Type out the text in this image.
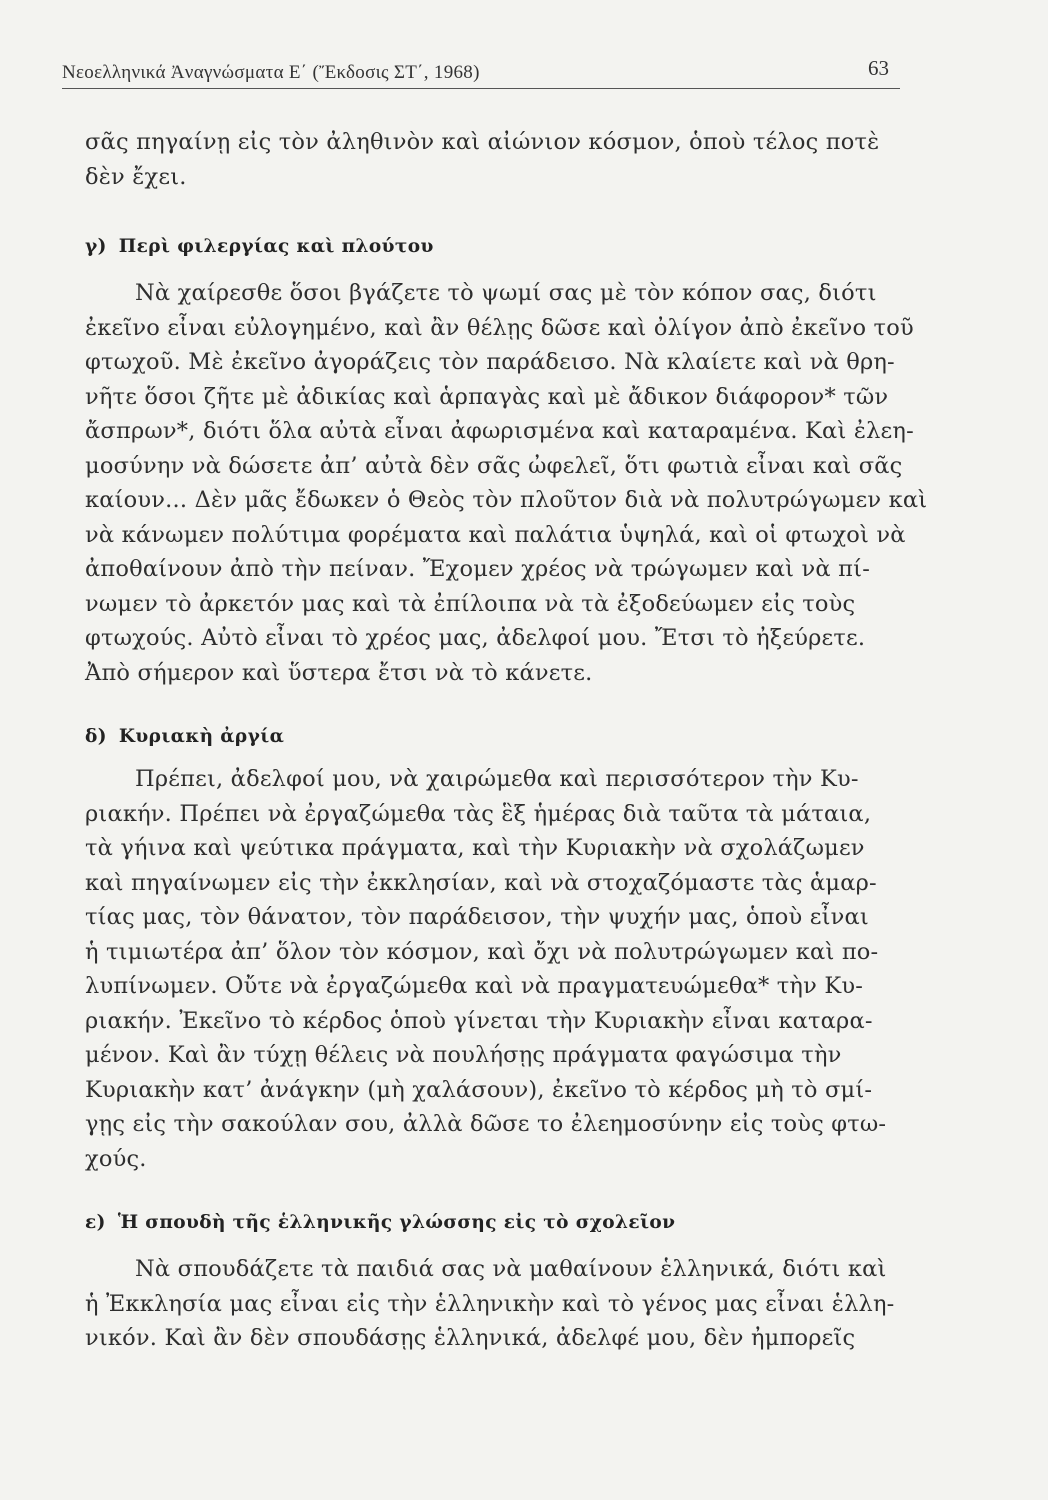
Νεοελληνικά Ἀναγνώσματα Ε΄ (Ἔκδοσις ΣΤ΄, 1968)	63
σᾶς πηγαίνῃ εἰς τὸν ἀληθινὸν καὶ αἰώνιον κόσμον, ὁποὺ τέλος ποτὲ
δὲν ἔχει.
γ) Περὶ φιλεργίας καὶ πλούτου
Νὰ χαίρεσθε ὅσοι βγάζετε τὸ ψωμί σας μὲ τὸν κόπον σας, διότι
ἐκεῖνο εἶναι εὐλογημένο, καὶ ἂν θέλῃς δῶσε καὶ ὀλίγον ἀπὸ ἐκεῖνο τοῦ
φτωχοῦ. Μὲ ἐκεῖνο ἀγοράζεις τὸν παράδεισο. Νὰ κλαίετε καὶ νὰ θρη-
νῆτε ὅσοι ζῆτε μὲ ἀδικίας καὶ ἁρπαγὰς καὶ μὲ ἄδικον διάφορον* τῶν
ἄσπρων*, διότι ὅλα αὐτὰ εἶναι ἀφωρισμένα καὶ καταραμένα. Καὶ ἐλεη-
μοσύνην νὰ δώσετε ἀπ’ αὐτὰ δὲν σᾶς ὠφελεῖ, ὅτι φωτιὰ εἶναι καὶ σᾶς
καίουν... Δὲν μᾶς ἔδωκεν ὁ Θεὸς τὸν πλοῦτον διὰ νὰ πολυτρώγωμεν καὶ
νὰ κάνωμεν πολύτιμα φορέματα καὶ παλάτια ὑψηλά, καὶ οἱ φτωχοὶ νὰ
ἀποθαίνουν ἀπὸ τὴν πείναν. Ἔχομεν χρέος νὰ τρώγωμεν καὶ νὰ πί-
νωμεν τὸ ἀρκετόν μας καὶ τὰ ἐπίλοιπα νὰ τὰ ἐξοδεύωμεν εἰς τοὺς
φτωχούς. Αὐτὸ εἶναι τὸ χρέος μας, ἀδελφοί μου. Ἔτσι τὸ ἠξεύρετε.
Ἀπὸ σήμερον καὶ ὕστερα ἔτσι νὰ τὸ κάνετε.
δ) Κυριακὴ ἀργία
Πρέπει, ἀδελφοί μου, νὰ χαιρώμεθα καὶ περισσότερον τὴν Κυ-
ριακήν. Πρέπει νὰ ἐργαζώμεθα τὰς ἓξ ἡμέρας διὰ ταῦτα τὰ μάταια,
τὰ γήινα καὶ ψεύτικα πράγματα, καὶ τὴν Κυριακὴν νὰ σχολάζωμεν
καὶ πηγαίνωμεν εἰς τὴν ἐκκλησίαν, καὶ νὰ στοχαζόμαστε τὰς ἁμαρ-
τίας μας, τὸν θάνατον, τὸν παράδεισον, τὴν ψυχήν μας, ὁποὺ εἶναι
ἡ τιμιωτέρα ἀπ’ ὅλον τὸν κόσμον, καὶ ὄχι νὰ πολυτρώγωμεν καὶ πο-
λυπίνωμεν. Οὔτε νὰ ἐργαζώμεθα καὶ νὰ πραγματευώμεθα* τὴν Κυ-
ριακήν. Ἐκεῖνο τὸ κέρδος ὁποὺ γίνεται τὴν Κυριακὴν εἶναι καταρα-
μένον. Καὶ ἂν τύχῃ θέλεις νὰ πουλήσῃς πράγματα φαγώσιμα τὴν
Κυριακὴν κατ’ ἀνάγκην (μὴ χαλάσουν), ἐκεῖνο τὸ κέρδος μὴ τὸ σμί-
γῃς εἰς τὴν σακούλαν σου, ἀλλὰ δῶσε το ἐλεημοσύνην εἰς τοὺς φτω-
χούς.
ε) Ἡ σπουδὴ τῆς ἑλληνικῆς γλώσσης εἰς τὸ σχολεῖον
Νὰ σπουδάζετε τὰ παιδιά σας νὰ μαθαίνουν ἑλληνικά, διότι καὶ
ἡ Ἐκκλησία μας εἶναι εἰς τὴν ἑλληνικὴν καὶ τὸ γένος μας εἶναι ἑλλη-
νικόν. Καὶ ἂν δὲν σπουδάσῃς ἑλληνικά, ἀδελφέ μου, δὲν ἠμπορεῖς
